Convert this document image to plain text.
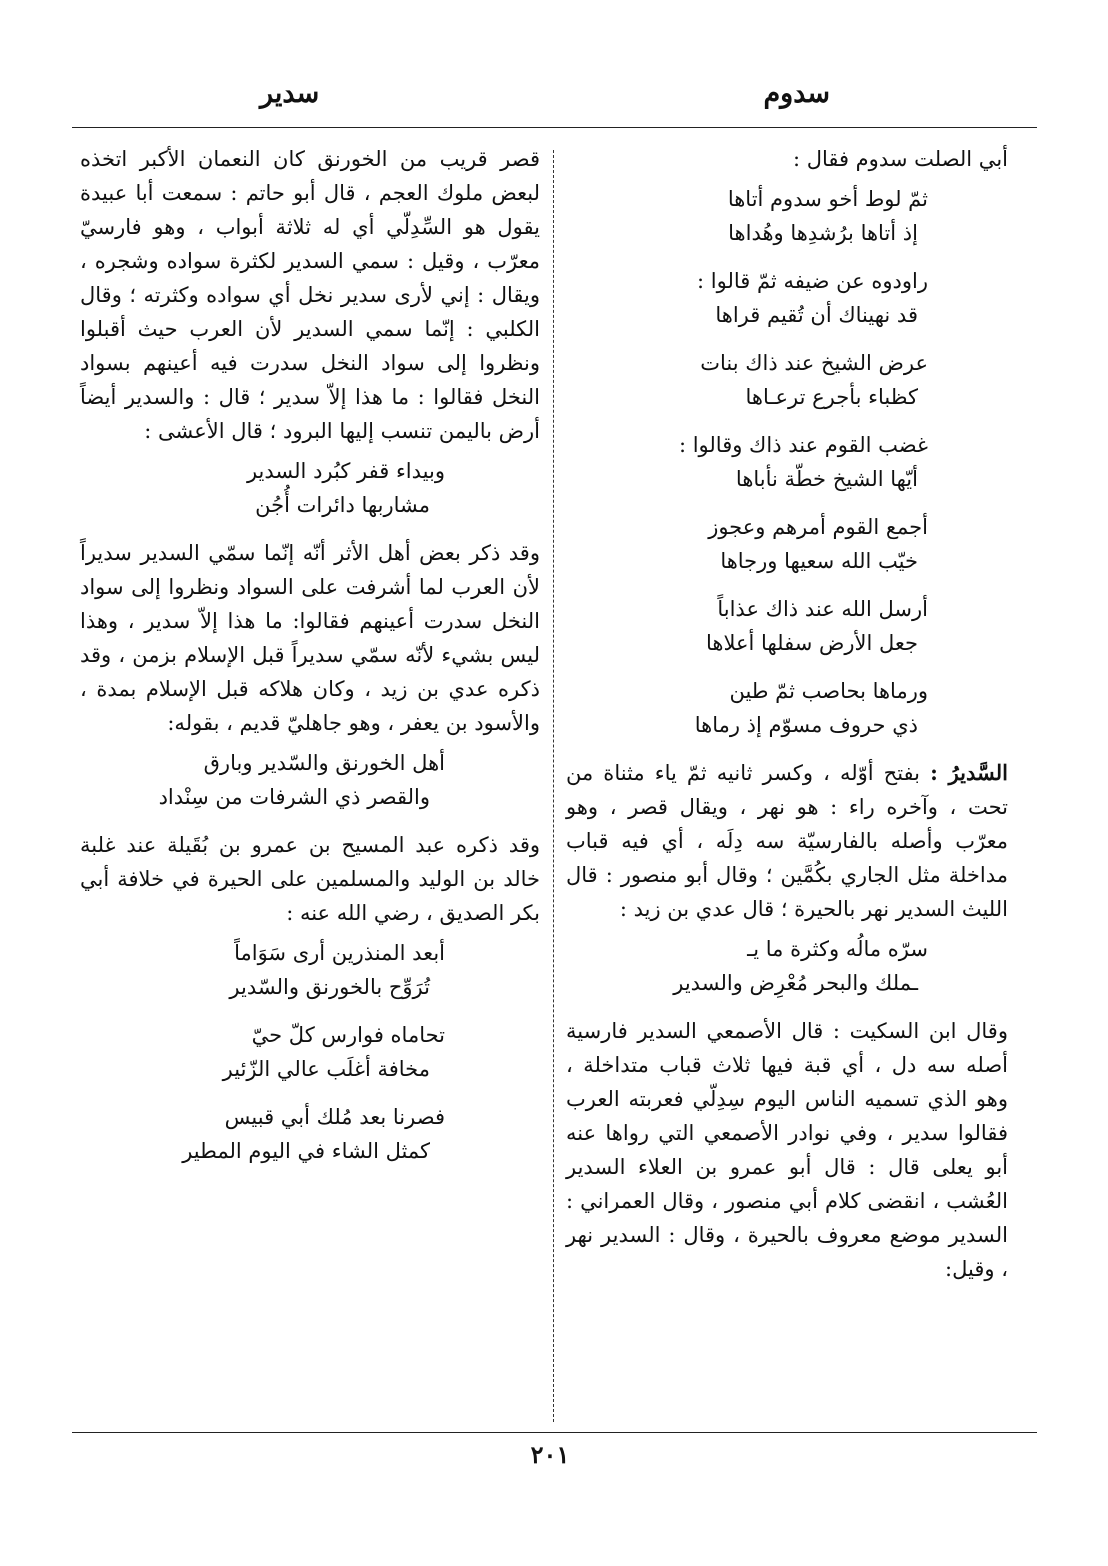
سدوم
سدير

أبي الصلت سدوم فقال :

ثمّ لوط أخو سدوم أتاها
إذ أتاها برُشدِها وهُداها
راودوه عن ضيفه ثمّ قالوا :
قد نهيناك أن تُقيم قراها
عرض الشيخ عند ذاك بنات
كظباء بأجرع ترعـاها
غضب القوم عند ذاك وقالوا :
أيّها الشيخ خطّة نأباها
أجمع القوم أمرهم وعجوز
خيّب الله سعيها ورجاها
أرسل الله عند ذاك عذاباً
جعل الأرض سفلها أعلاها
ورماها بحاصب ثمّ طين
ذي حروف مسوّم إذ رماها

السَّديرُ : بفتح أوّله ، وكسر ثانيه ثمّ ياء مثناة من تحت ، وآخره راء : هو نهر ، ويقال قصر ، وهو معرّب وأصله بالفارسيّة سه دِلَه ، أي فيه قباب مداخلة مثل الجاري بكُمَّين ؛ وقال أبو منصور : قال الليث السدير نهر بالحيرة ؛ قال عدي بن زيد :

سرّه مالُه وكثرة ما يـ
ـملك والبحر مُعْرِض والسدير

وقال ابن السكيت : قال الأصمعي السدير فارسية أصله سه دل ، أي قبة فيها ثلاث قباب متداخلة ، وهو الذي تسميه الناس اليوم سِدِلّي فعربته العرب فقالوا سدير ، وفي نوادر الأصمعي التي رواها عنه أبو يعلى قال : قال أبو عمرو بن العلاء السدير العُشب ، انقضى كلام أبي منصور ، وقال العمراني : السدير موضع معروف بالحيرة ، وقال : السدير نهر ، وقيل:

قصر قريب من الخورنق كان النعمان الأكبر اتخذه لبعض ملوك العجم ، قال أبو حاتم : سمعت أبا عبيدة يقول هو السِّدِلّي أي له ثلاثة أبواب ، وهو فارسيّ معرّب ، وقيل : سمي السدير لكثرة سواده وشجره ، ويقال : إني لأرى سدير نخل أي سواده وكثرته ؛ وقال الكلبي : إنّما سمي السدير لأن العرب حيث أقبلوا ونظروا إلى سواد النخل سدرت فيه أعينهم بسواد النخل فقالوا : ما هذا إلاّ سدير ؛ قال : والسدير أيضاً أرض باليمن تنسب إليها البرود ؛ قال الأعشى :

وبيداء قفر كبُرد السدير
مشاربها دائرات أُجُن

وقد ذكر بعض أهل الأثر أنّه إنّما سمّي السدير سديراً لأن العرب لما أشرفت على السواد ونظروا إلى سواد النخل سدرت أعينهم فقالوا: ما هذا إلاّ سدير ، وهذا ليس بشيء لأنّه سمّي سديراً قبل الإسلام بزمن ، وقد ذكره عدي بن زيد ، وكان هلاكه قبل الإسلام بمدة ، والأسود بن يعفر ، وهو جاهليّ قديم ، بقوله:

أهل الخورنق والسّدير وبارق
والقصر ذي الشرفات من سِنْداد

وقد ذكره عبد المسيح بن عمرو بن بُقَيلة عند غلبة خالد بن الوليد والمسلمين على الحيرة في خلافة أبي بكر الصديق ، رضي الله عنه :

أبعد المنذرين أرى سَوَاماً
تُرَوِّح بالخورنق والسّدير
تحاماه فوارس كلّ حيّ
مخافة أغلَب عالي الزّئير
فصرنا بعد مُلك أبي قبيس
كمثل الشاء في اليوم المطير
٢٠١
